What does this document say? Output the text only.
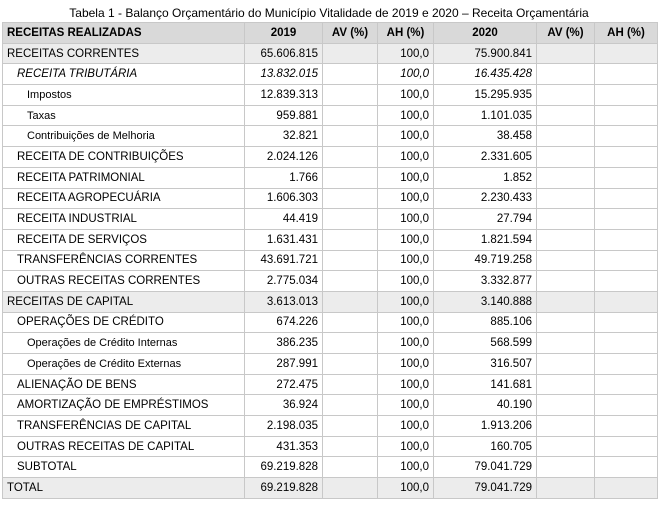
Tabela 1 - Balanço Orçamentário do Município Vitalidade de 2019 e 2020 – Receita Orçamentária
RECEITAS REALIZADAS	2019	AV (%)	AH (%)	2020	AV (%)	AH (%)
RECEITAS CORRENTES	65.606.815		100,0	75.900.841		
RECEITA TRIBUTÁRIA	13.832.015		100,0	16.435.428		
Impostos	12.839.313		100,0	15.295.935		
Taxas	959.881		100,0	1.101.035		
Contribuições de Melhoria	32.821		100,0	38.458		
RECEITA DE CONTRIBUIÇÕES	2.024.126		100,0	2.331.605		
RECEITA PATRIMONIAL	1.766		100,0	1.852		
RECEITA AGROPECUÁRIA	1.606.303		100,0	2.230.433		
RECEITA INDUSTRIAL	44.419		100,0	27.794		
RECEITA DE SERVIÇOS	1.631.431		100,0	1.821.594		
TRANSFERÊNCIAS CORRENTES	43.691.721		100,0	49.719.258		
OUTRAS RECEITAS CORRENTES	2.775.034		100,0	3.332.877		
RECEITAS DE CAPITAL	3.613.013		100,0	3.140.888		
OPERAÇÕES DE CRÉDITO	674.226		100,0	885.106		
Operações de Crédito Internas	386.235		100,0	568.599		
Operações de Crédito Externas	287.991		100,0	316.507		
ALIENAÇÃO DE BENS	272.475		100,0	141.681		
AMORTIZAÇÃO DE EMPRÉSTIMOS	36.924		100,0	40.190		
TRANSFERÊNCIAS DE CAPITAL	2.198.035		100,0	1.913.206		
OUTRAS RECEITAS DE CAPITAL	431.353		100,0	160.705		
SUBTOTAL	69.219.828		100,0	79.041.729		
TOTAL	69.219.828		100,0	79.041.729		
